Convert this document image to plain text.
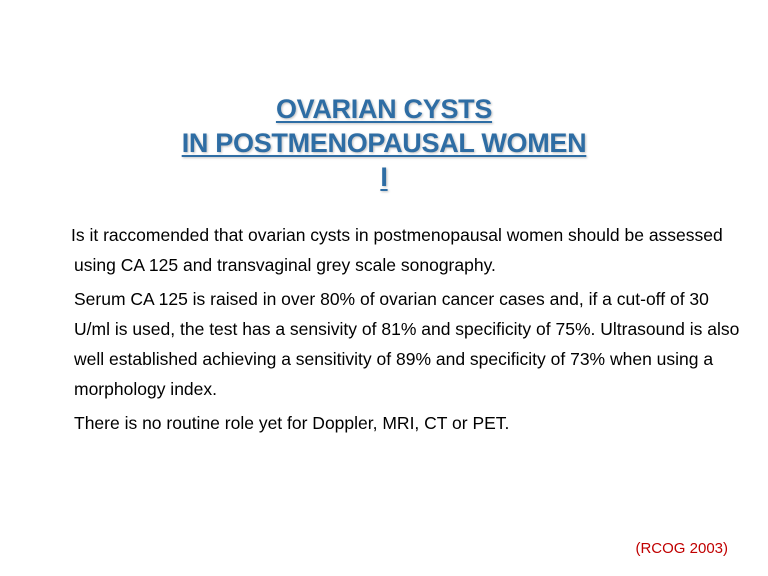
OVARIAN CYSTS
IN POSTMENOPAUSAL WOMEN
I

Is it raccomended that ovarian cysts in postmenopausal women should be assessed using CA 125 and transvaginal grey scale sonography.

Serum CA 125 is raised in over 80% of ovarian cancer cases and, if a cut-off of 30 U/ml is used, the test has a sensivity of 81% and specificity of 75%. Ultrasound is also well established achieving a sensitivity of 89% and specificity of 73% when using a morphology index.

There is no routine role yet for Doppler, MRI, CT or PET.

(RCOG 2003)
